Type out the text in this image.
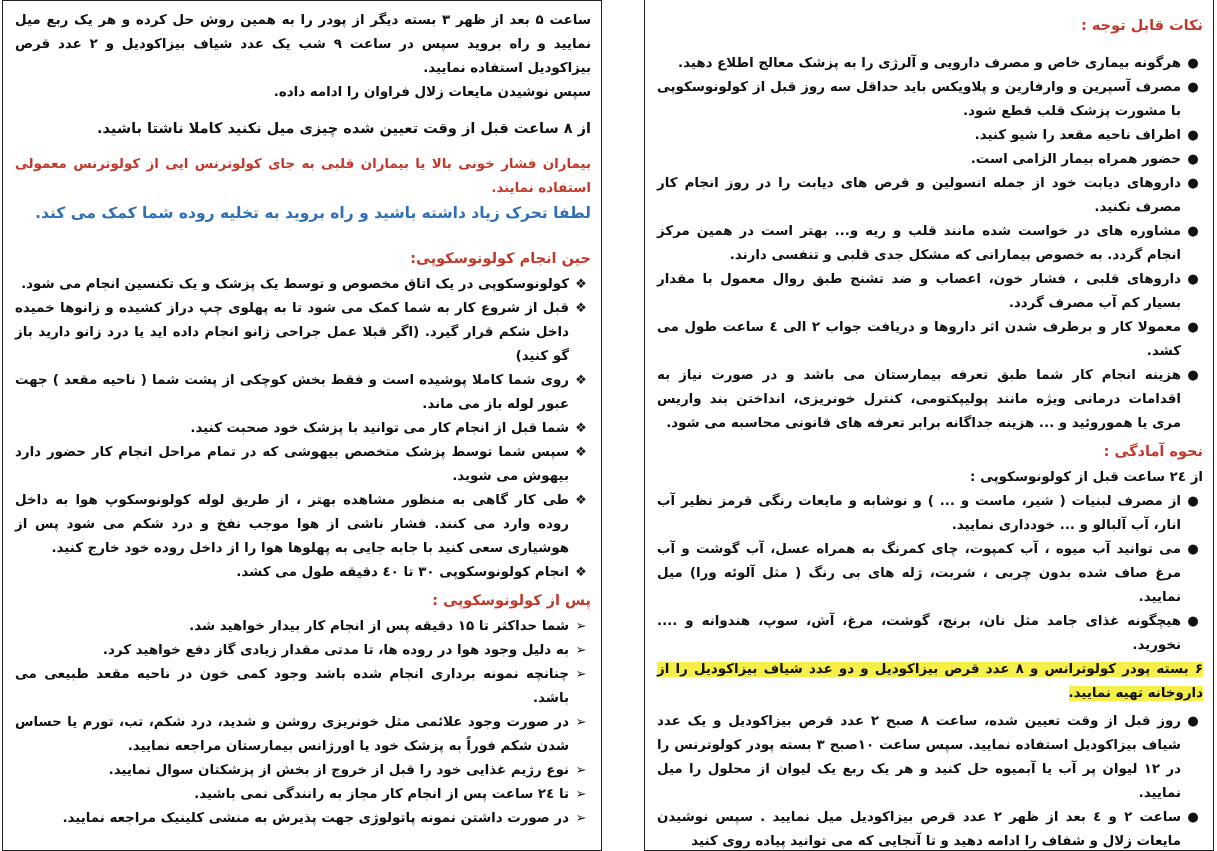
ساعت ۵ بعد از ظهر ۳ بسته دیگر از پودر را به همین روش حل کرده و هر یک ربع میل نمایید و راه بروید سپس در ساعت ۹ شب یک عدد شیاف بیزاکودیل و ۲ عدد قرص بیزاکودیل استفاده نمایید.

سپس نوشیدن مایعات زلال فراوان را ادامه داده.

از ۸ ساعت قبل از وقت تعیین شده چیزی میل نکنید کاملا ناشتا باشید.

بیماران فشار خونی بالا یا بیماران قلبی به جای کولوترنس ایی از کولوترنس معمولی استفاده نمایند.

لطفا تحرک زیاد داشته باشید و راه بروید به تخلیه روده شما کمک می کند.

حین انجام کولونوسکوپی:
❖
کولونوسکوپی در یک اتاق مخصوص و توسط یک پزشک و یک تکنسین انجام می شود.
❖
قبل از شروع کار به شما کمک می شود تا به پهلوی چپ دراز کشیده و زانوها خمیده داخل شکم قرار گیرد. (اگر قبلا عمل جراحی زانو انجام داده اید یا درد زانو دارید باز گو کنید)
❖
روی شما کاملا پوشیده است و فقط بخش کوچکی از پشت شما ( ناحیه مقعد ) جهت عبور لوله باز می ماند.
❖
شما قبل از انجام کار می توانید با پزشک خود صحبت کنید.
❖
سپس شما توسط پزشک متخصص بیهوشی که در تمام مراحل انجام کار حضور دارد بیهوش می شوید.
❖
طی کار گاهی به منظور مشاهده بهتر ، از طریق لوله کولونوسکوپ هوا به داخل روده وارد می کنند. فشار ناشی از هوا موجب نفخ و درد شکم می شود پس از هوشیاری سعی کنید با جابه جایی به پهلوها هوا را از داخل روده خود خارج کنید.
❖
انجام کولونوسکوپی ۳۰ تا ٤٠ دقیقه طول می کشد.
پس از کولونوسکوپی :
➢
شما حداکثر تا ۱۵ دقیقه پس از انجام کار بیدار خواهید شد.
➢
به دلیل وجود هوا در روده ها، تا مدتی مقدار زیادی گاز دفع خواهید کرد.
➢
چنانچه نمونه برداری انجام شده باشد وجود کمی خون در ناحیه مقعد طبیعی می باشد.
➢
در صورت وجود علائمی مثل خونریزی روشن و شدید، درد شکم، تب، تورم یا حساس شدن شکم فوراً به پزشک خود یا اورژانس بیمارستان مراجعه نمایید.
➢
نوع رژیم غذایی خود را قبل از خروج از بخش از پزشکتان سوال نمایید.
➢
تا ۲٤ ساعت پس از انجام کار مجاز به رانندگی نمی باشید.
➢
در صورت داشتن نمونه پاتولوژی جهت پذیرش به منشی کلینیک مراجعه نمایید.
نکات قابل توجه :
●
هرگونه بیماری خاص و مصرف دارویی و آلرژی را به پزشک معالج اطلاع دهید.
●
مصرف آسپرین و وارفارین و پلاویکس باید حداقل سه روز قبل از کولونوسکوپی با مشورت پزشک قلب قطع شود.
●
اطراف ناحیه مقعد را شیو کنید.
●
حضور همراه بیمار الزامی است.
●
داروهای دیابت خود از جمله انسولین و قرص های دیابت را در روز انجام کار مصرف نکنید.
●
مشاوره های در خواست شده مانند قلب و ریه و... بهتر است در همین مرکز انجام گردد. به خصوص بیمارانی که مشکل جدی قلبی و تنفسی دارند.
●
داروهای قلبی ، فشار خون، اعصاب و ضد تشنج طبق روال معمول با مقدار بسیار کم آب مصرف گردد.
●
معمولا کار و برطرف شدن اثر داروها و دریافت جواب ۲ الی ٤ ساعت طول می کشد.
●
هزینه انجام کار شما طبق تعرفه بیمارستان می باشد و در صورت نیاز به اقدامات درمانی ویژه مانند پولیپکتومی، کنترل خونریزی، انداختن بند واریس مری یا هموروئید و ... هزینه جداگانه برابر تعرفه های قانونی محاسبه می شود.
نحوه آمادگی :

از ۲٤ ساعت قبل از کولونوسکوپی :

●
از مصرف لبنیات ( شیر، ماست و ... ) و نوشابه و مایعات رنگی قرمز نظیر آب انار، آب آلبالو و ... خودداری نمایید.
●
می توانید آب میوه ، آب کمپوت، چای کمرنگ به همراه عسل، آب گوشت و آب مرغ صاف شده بدون چربی ، شربت، ژله های بی رنگ ( مثل آلوئه ورا) میل نمایید.
●
هیچگونه غذای جامد مثل نان، برنج، گوشت، مرغ، آش، سوپ، هندوانه و .... نخورید.

۶ بسته پودر کولوترانس و ۸ عدد قرص بیزاکودیل و دو عدد شیاف بیزاکودیل را از داروخانه تهیه نمایید.

●
روز قبل از وقت تعیین شده، ساعت ۸ صبح ۲ عدد قرص بیزاکودیل و یک عدد شیاف بیزاکودیل استفاده نمایید. سپس ساعت ۱۰صبح ۳ بسته پودر کولوترنس را در ۱۲ لیوان پر آب یا آبمیوه حل کنید و هر یک ربع یک لیوان از محلول را میل نمایید.
●
ساعت ۲ و ٤ بعد از ظهر ۲ عدد قرص بیزاکودیل میل نمایید . سپس نوشیدن مایعات زلال و شفاف را ادامه دهید و تا آنجایی که می توانید پیاده روی کنید
